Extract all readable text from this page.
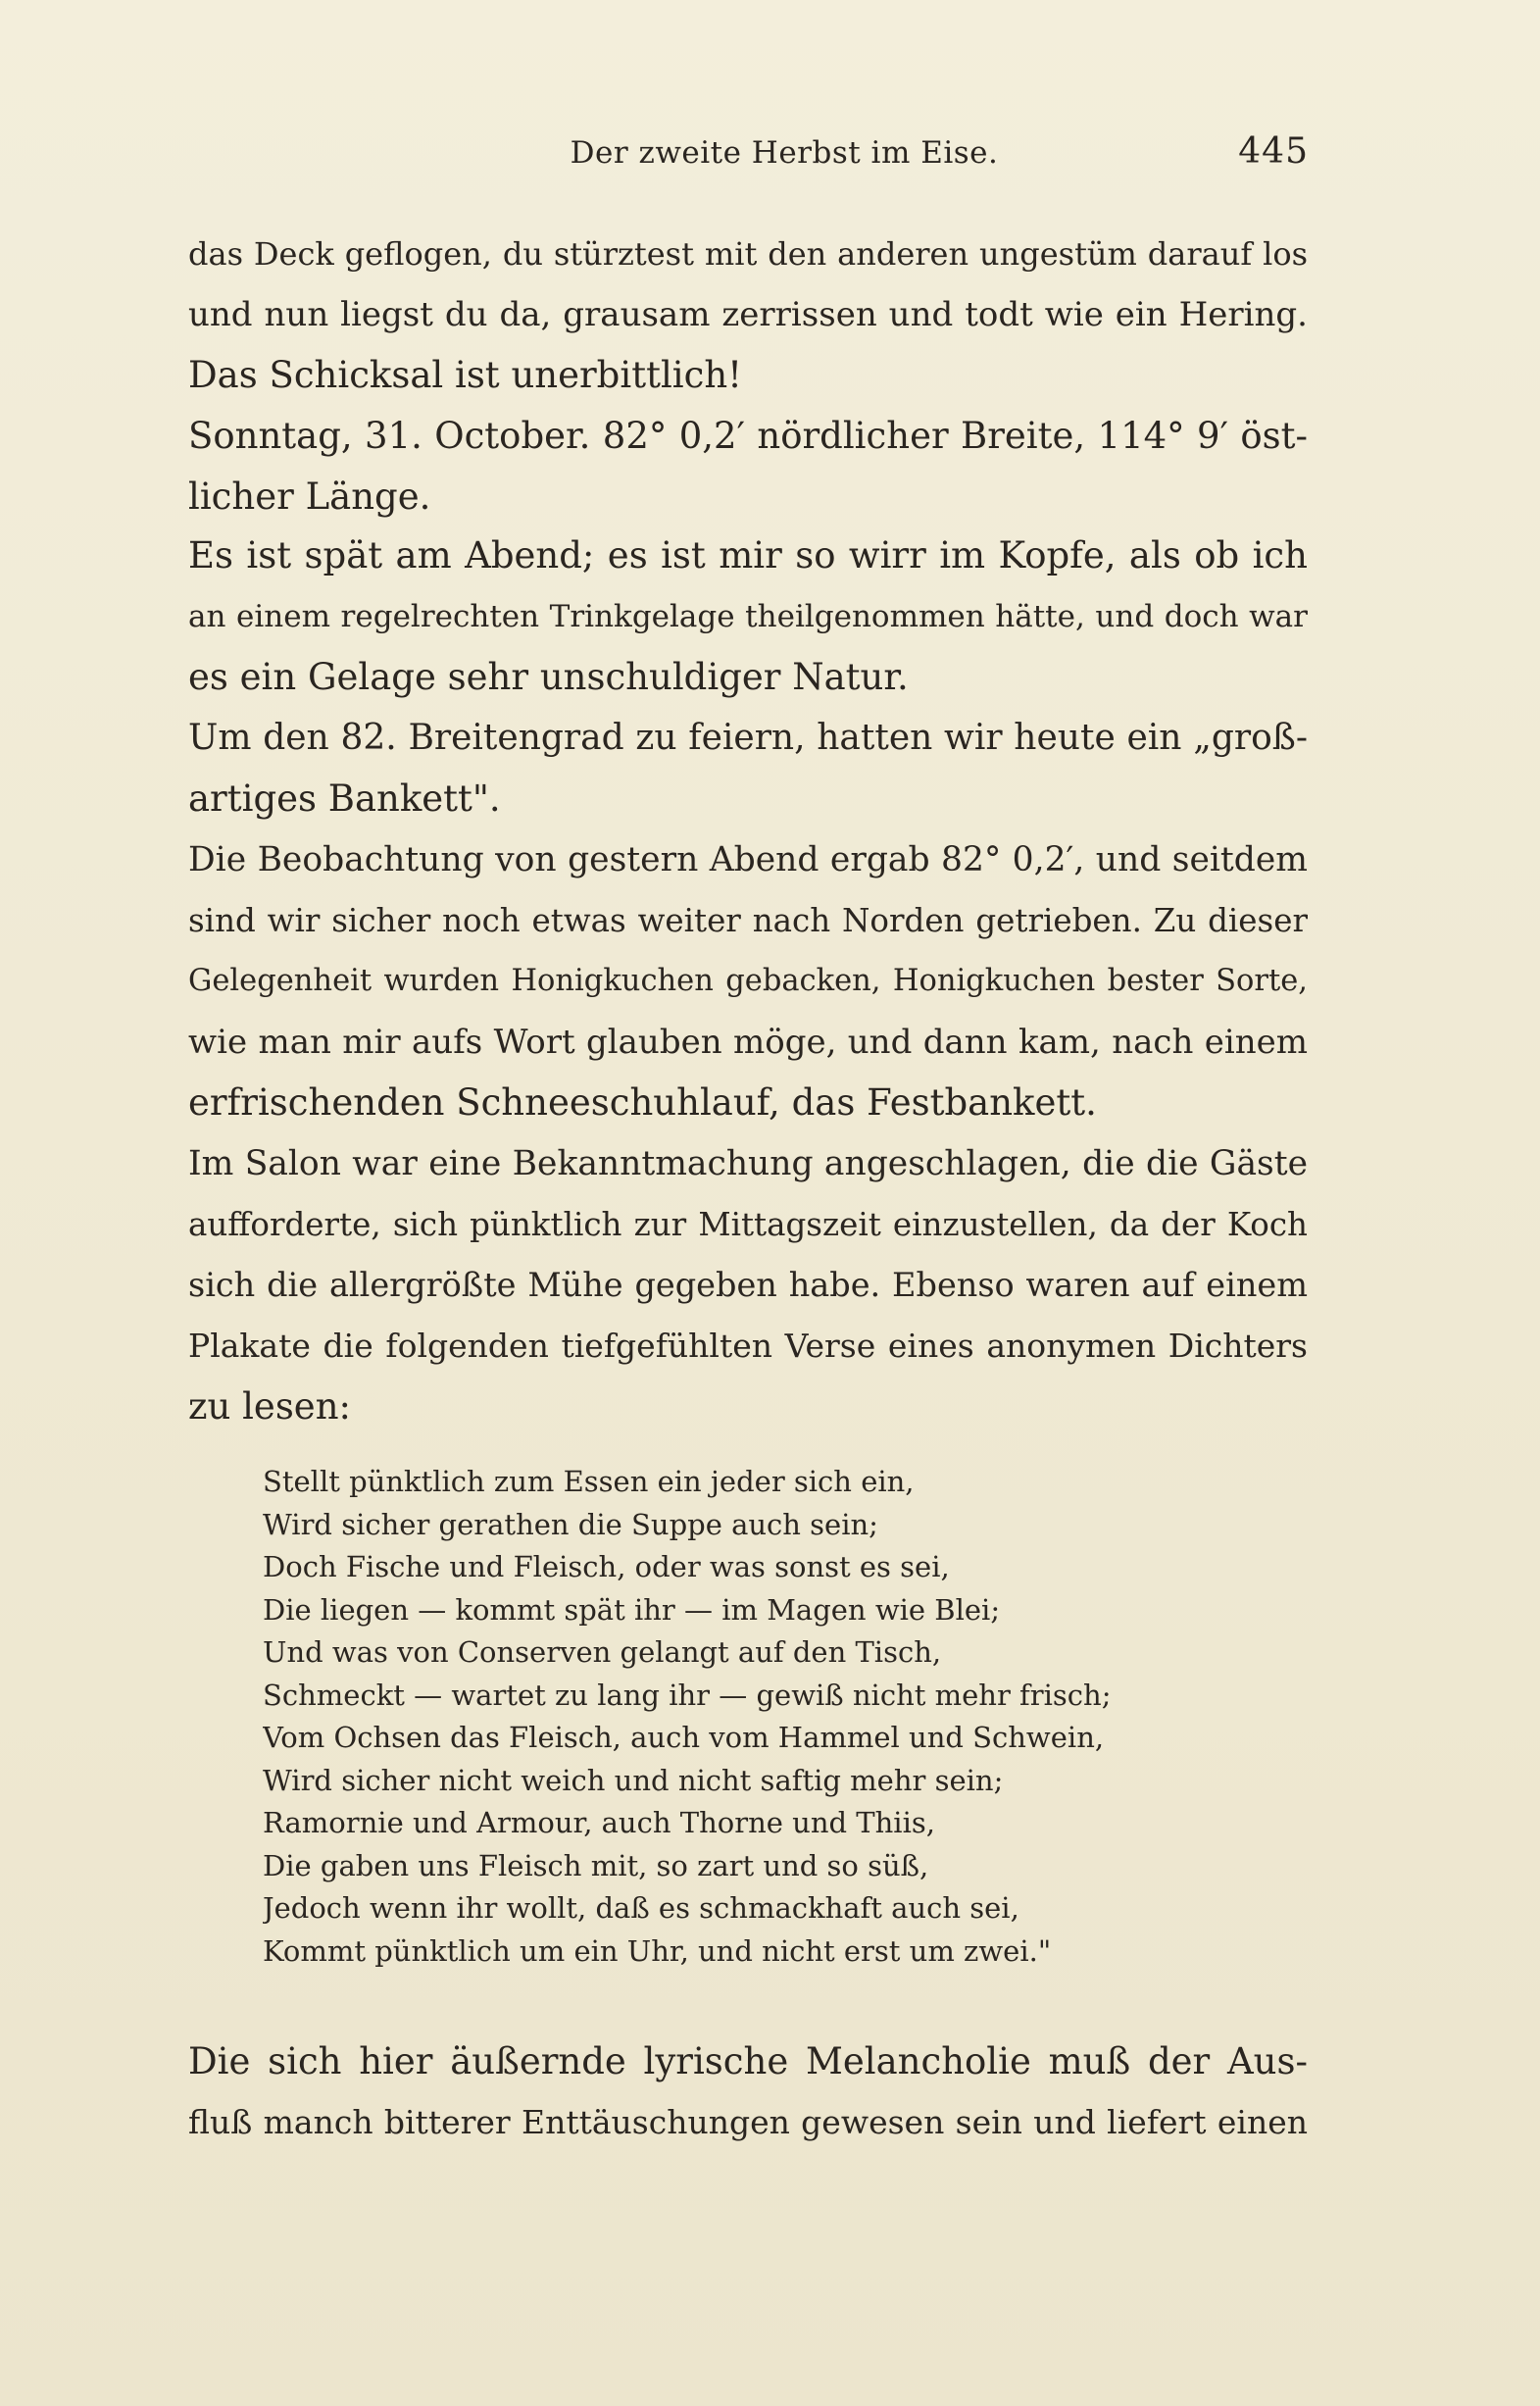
Der zweite Herbst im Eise.	445
das Deck geflogen, du stürztest mit den anderen ungestüm darauf los
und nun liegst du da, grausam zerrissen und todt wie ein Hering.
Das Schicksal ist unerbittlich!
Sonntag, 31. October. 82° 0,2′ nördlicher Breite, 114° 9′ öst-
licher Länge.
Es ist spät am Abend; es ist mir so wirr im Kopfe, als ob ich
an einem regelrechten Trinkgelage theilgenommen hätte, und doch war
es ein Gelage sehr unschuldiger Natur.
Um den 82. Breitengrad zu feiern, hatten wir heute ein „groß-
artiges Bankett".
Die Beobachtung von gestern Abend ergab 82° 0,2′, und seitdem
sind wir sicher noch etwas weiter nach Norden getrieben. Zu dieser
Gelegenheit wurden Honigkuchen gebacken, Honigkuchen bester Sorte,
wie man mir aufs Wort glauben möge, und dann kam, nach einem
erfrischenden Schneeschuhlauf, das Festbankett.
Im Salon war eine Bekanntmachung angeschlagen, die die Gäste
aufforderte, sich pünktlich zur Mittagszeit einzustellen, da der Koch
sich die allergrößte Mühe gegeben habe. Ebenso waren auf einem
Plakate die folgenden tiefgefühlten Verse eines anonymen Dichters
zu lesen:
Stellt pünktlich zum Essen ein jeder sich ein,
Wird sicher gerathen die Suppe auch sein;
Doch Fische und Fleisch, oder was sonst es sei,
Die liegen — kommt spät ihr — im Magen wie Blei;
Und was von Conserven gelangt auf den Tisch,
Schmeckt — wartet zu lang ihr — gewiß nicht mehr frisch;
Vom Ochsen das Fleisch, auch vom Hammel und Schwein,
Wird sicher nicht weich und nicht saftig mehr sein;
Ramornie und Armour, auch Thorne und Thiis,
Die gaben uns Fleisch mit, so zart und so süß,
Jedoch wenn ihr wollt, daß es schmackhaft auch sei,
Kommt pünktlich um ein Uhr, und nicht erst um zwei."
Die sich hier äußernde lyrische Melancholie muß der Aus-
fluß manch bitterer Enttäuschungen gewesen sein und liefert einen
